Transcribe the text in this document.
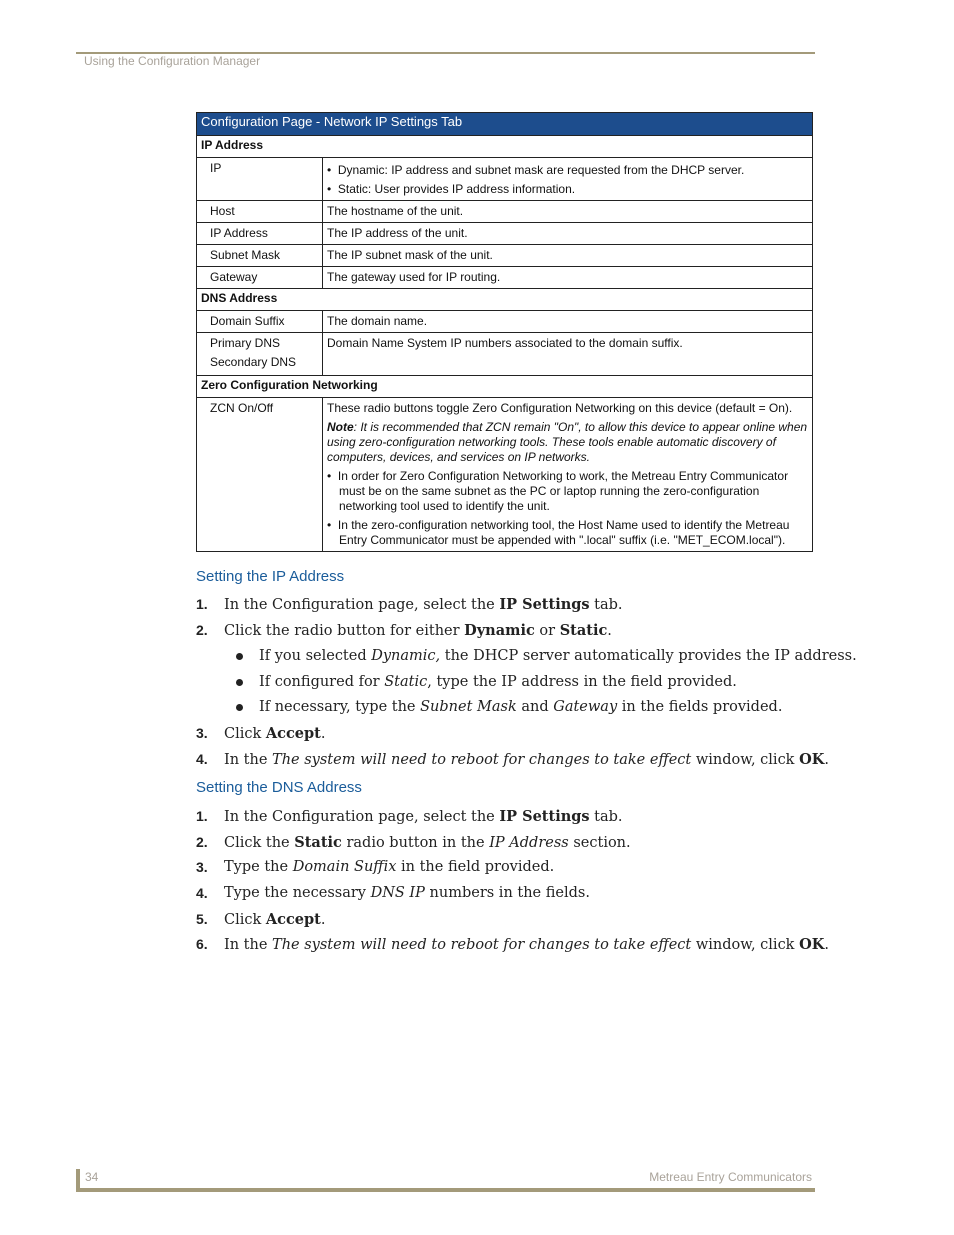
Using the Configuration Manager
Configuration Page - Network IP Settings Tab	
IP Address	
IP	•  Dynamic: IP address and subnet mask are requested from the DHCP server.
•  Static: User provides IP address information.

Host	The hostname of the unit.
IP Address	The IP address of the unit.
Subnet Mask	The IP subnet mask of the unit.
Gateway	The gateway used for IP routing.
DNS Address	
Domain Suffix	The domain name.
Primary DNS
Secondary DNS	Domain Name System IP numbers associated to the domain suffix.
Zero Configuration Networking	
ZCN On/Off	These radio buttons toggle Zero Configuration Networking on this device (default = On).
Note: It is recommended that ZCN remain "On", to allow this device to appear online when using zero-configuration networking tools. These tools enable automatic discovery of computers, devices, and services on IP networks.
•  In order for Zero Configuration Networking to work, the Metreau Entry Communicator must be on the same subnet as the PC or laptop running the zero-configuration networking tool used to identify the unit.
•  In the zero-configuration networking tool, the Host Name used to identify the Metreau Entry Communicator must be appended with ".local" suffix (i.e. "MET_ECOM.local").
Setting the IP Address
1. In the Configuration page, select the IP Settings tab.
2. Click the radio button for either Dynamic or Static.
If you selected Dynamic, the DHCP server automatically provides the IP address.
If configured for Static, type the IP address in the field provided.
If necessary, type the Subnet Mask and Gateway in the fields provided.
3. Click Accept.
4. In the The system will need to reboot for changes to take effect window, click OK.
Setting the DNS Address
1. In the Configuration page, select the IP Settings tab.
2. Click the Static radio button in the IP Address section.
3. Type the Domain Suffix in the field provided.
4. Type the necessary DNS IP numbers in the fields.
5. Click Accept.
6. In the The system will need to reboot for changes to take effect window, click OK.
34	Metreau Entry Communicators
